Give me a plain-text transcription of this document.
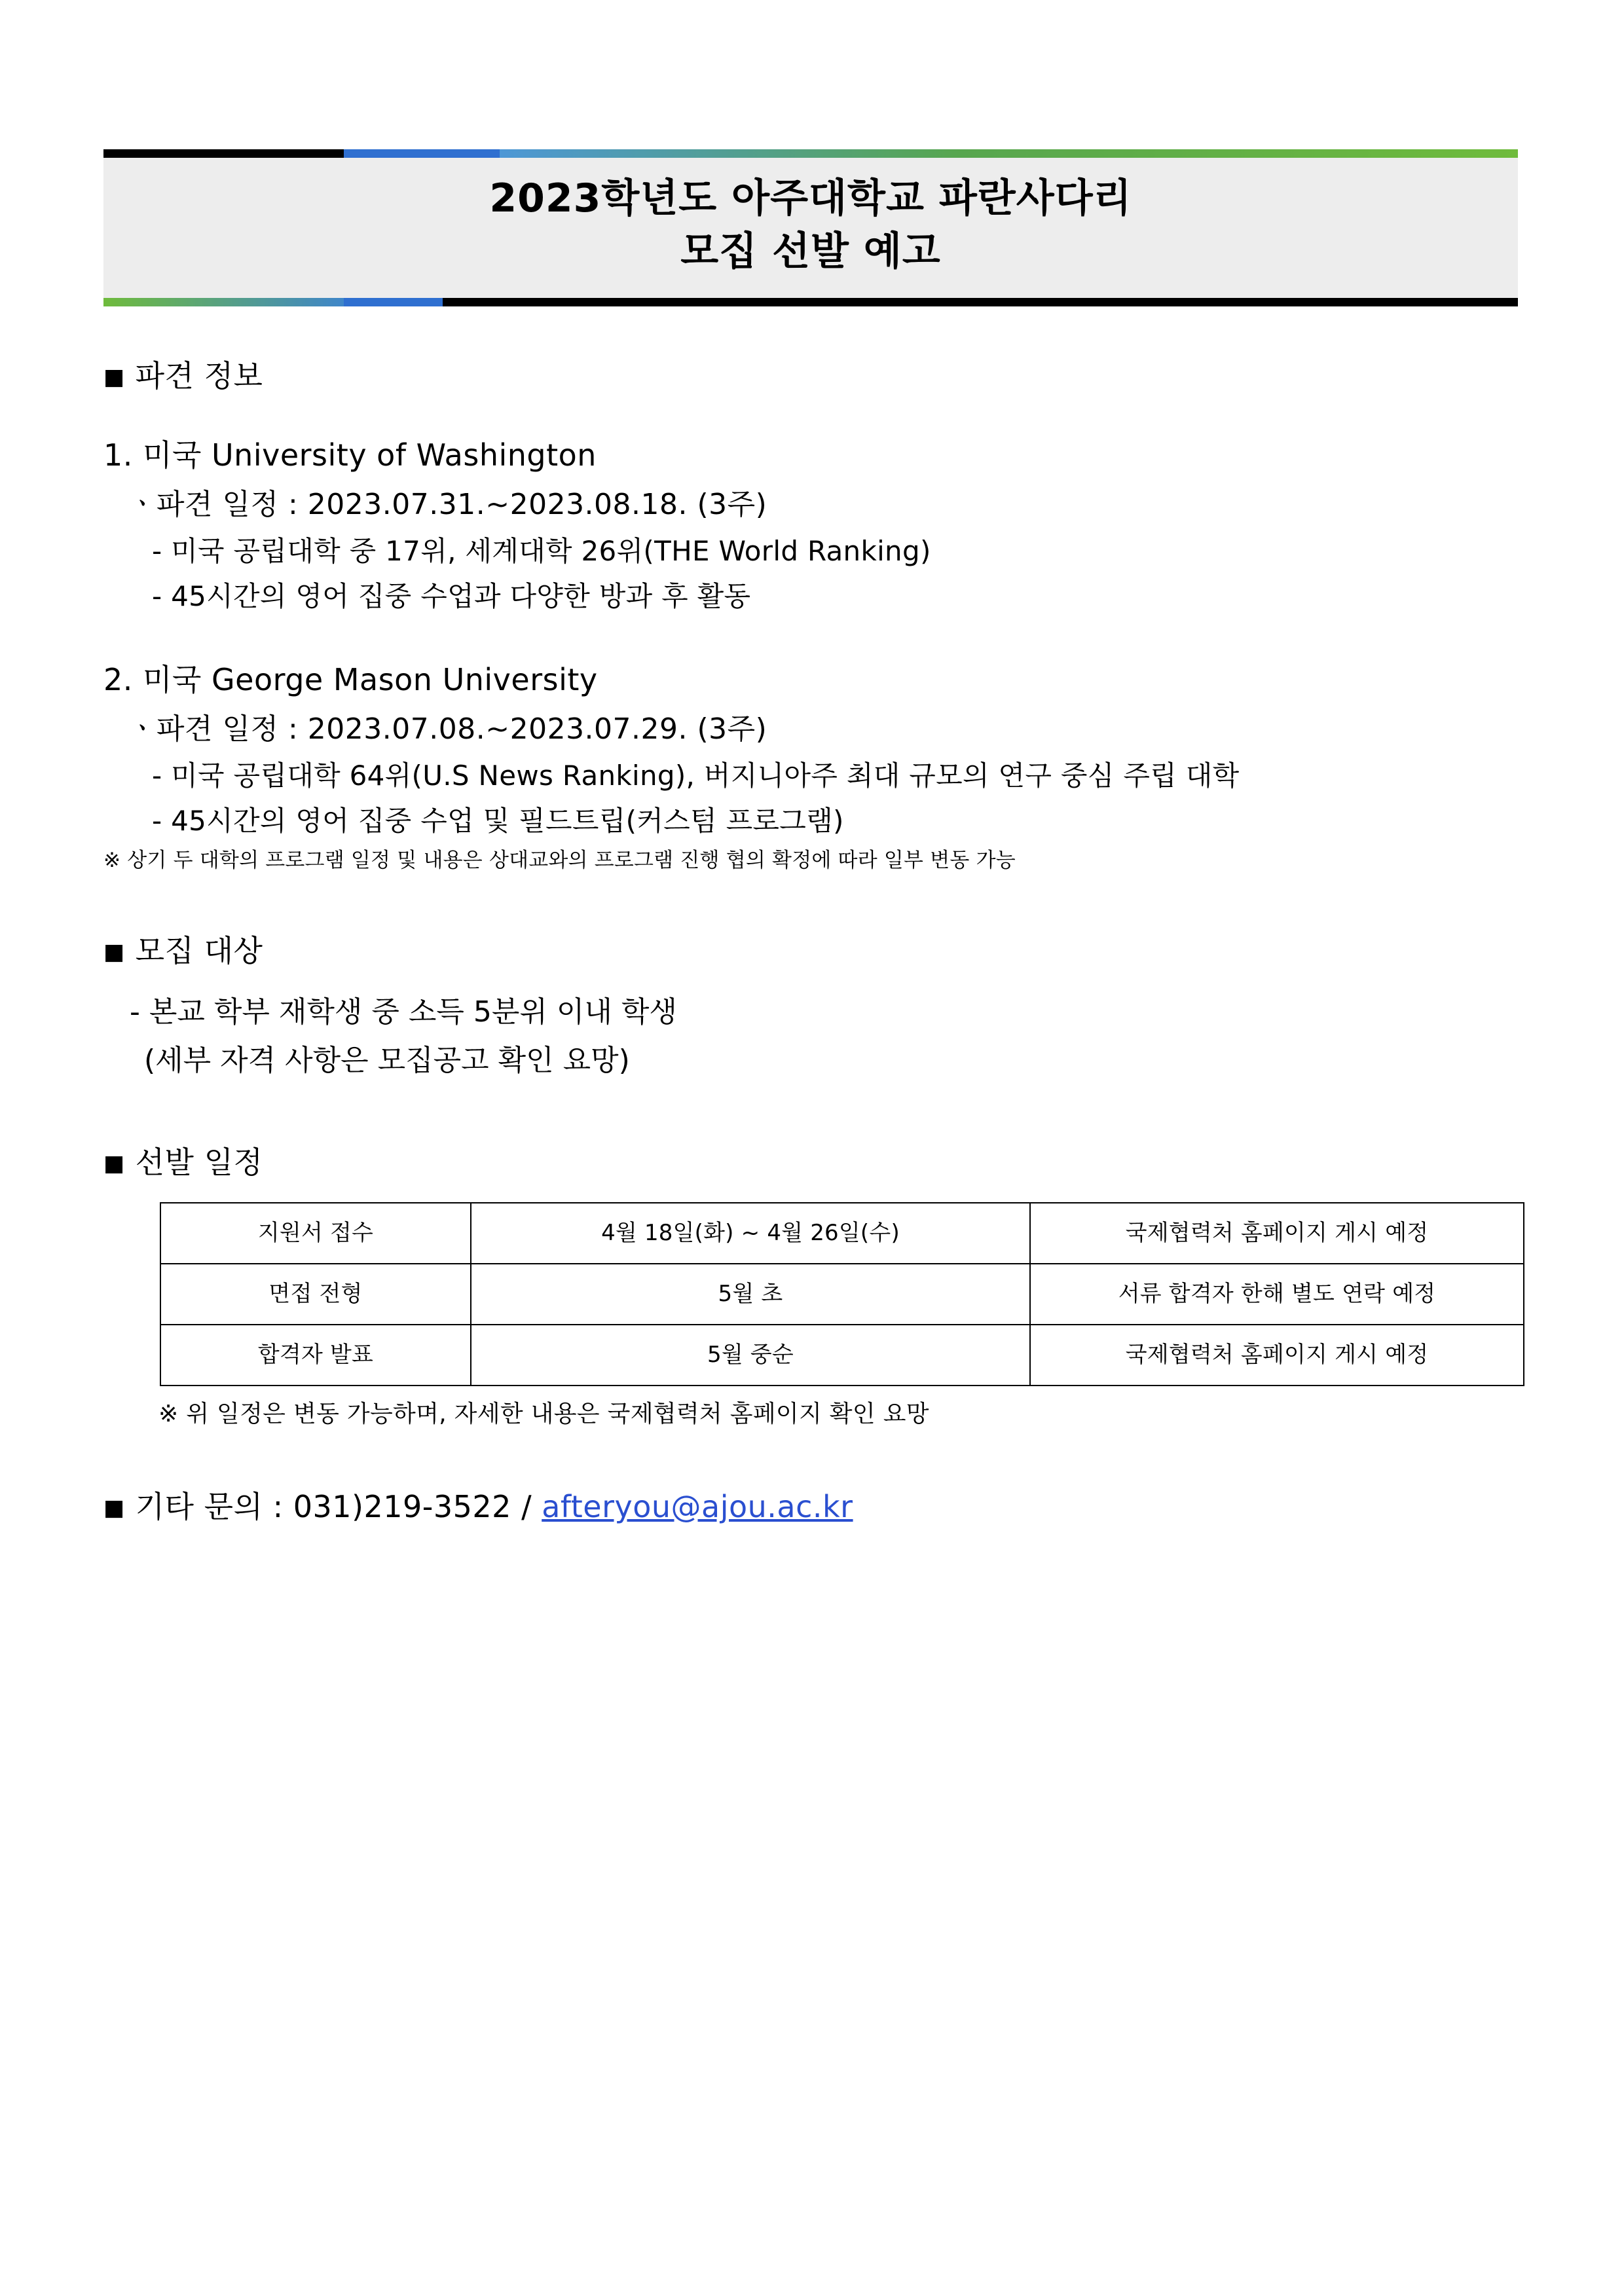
2023학년도 아주대학교 파란사다리
모집 선발 예고

■ 파견 정보

1. 미국 University of Washington

ㆍ파견 일정 : 2023.07.31.~2023.08.18. (3주)

- 미국 공립대학 중 17위, 세계대학 26위(THE World Ranking)

- 45시간의 영어 집중 수업과 다양한 방과 후 활동

2. 미국 George Mason University

ㆍ파견 일정 : 2023.07.08.~2023.07.29. (3주)

- 미국 공립대학 64위(U.S News Ranking), 버지니아주 최대 규모의 연구 중심 주립 대학

- 45시간의 영어 집중 수업 및 필드트립(커스텀 프로그램)

※ 상기 두 대학의 프로그램 일정 및 내용은 상대교와의 프로그램 진행 협의 확정에 따라 일부 변동 가능

■ 모집 대상

- 본교 학부 재학생 중 소득 5분위 이내 학생

(세부 자격 사항은 모집공고 확인 요망)

■ 선발 일정

지원서 접수	4월 18일(화) ~ 4월 26일(수)	국제협력처 홈페이지 게시 예정
면접 전형	5월 초	서류 합격자 한해 별도 연락 예정
합격자 발표	5월 중순	국제협력처 홈페이지 게시 예정

※ 위 일정은 변동 가능하며, 자세한 내용은 국제협력처 홈페이지 확인 요망

■ 기타 문의 : 031)219-3522 / afteryou@ajou.ac.kr
